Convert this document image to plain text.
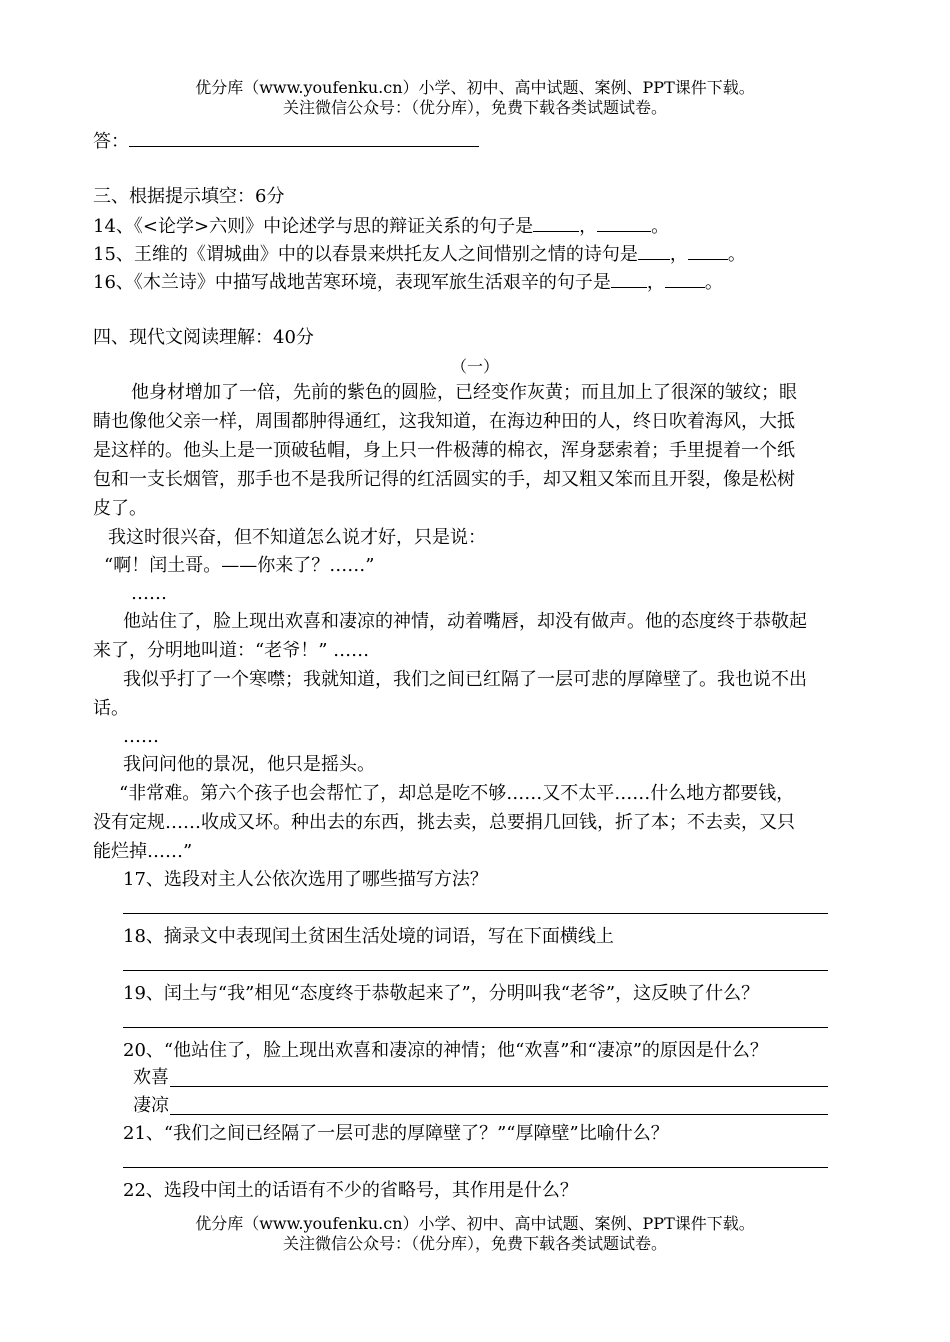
优分库（www.youfenku.cn）小学、初中、高中试题、案例、PPT课件下载。
关注微信公众号：（优分库），免费下载各类试题试卷。
答：
三、根据提示填空：6分
14、《<论学>六则》中论述学与思的辩证关系的句子是	，	。
15、王维的《谓城曲》中的以春景来烘托友人之间惜别之情的诗句是 ， 。
16、《木兰诗》中描写战地苦寒环境，表现军旅生活艰辛的句子是 ， 。
四、现代文阅读理解：40分
（一）
他身材增加了一倍，先前的紫色的圆脸，已经变作灰黄；而且加上了很深的皱纹；眼
睛也像他父亲一样，周围都肿得通红，这我知道，在海边种田的人，终日吹着海风，大抵
是这样的。他头上是一顶破毡帽，身上只一件极薄的棉衣，浑身瑟索着；手里提着一个纸
包和一支长烟管，那手也不是我所记得的红活圆实的手，却又粗又笨而且开裂，像是松树
皮了。
我这时很兴奋，但不知道怎么说才好，只是说：
“啊！闰土哥。——你来了？……”
……
他站住了，脸上现出欢喜和凄凉的神情，动着嘴唇，却没有做声。他的态度终于恭敬起
来了，分明地叫道：“老爷！” ……
我似乎打了一个寒噤；我就知道，我们之间已红隔了一层可悲的厚障壁了。我也说不出
话。
……
我问问他的景况，他只是摇头。
“非常难。第六个孩子也会帮忙了，却总是吃不够……又不太平……什么地方都要钱，
没有定规……收成又坏。种出去的东西，挑去卖，总要捐几回钱，折了本；不去卖，又只
能烂掉……”
17、选段对主人公依次选用了哪些描写方法？
18、摘录文中表现闰土贫困生活处境的词语，写在下面横线上
19、闰土与“我”相见“态度终于恭敬起来了”，分明叫我“老爷”，这反映了什么？
20、“他站住了，脸上现出欢喜和凄凉的神情；他“欢喜”和“凄凉”的原因是什么？
欢喜
凄凉
21、“我们之间已经隔了一层可悲的厚障壁了？”“厚障壁”比喻什么？
22、选段中闰土的话语有不少的省略号，其作用是什么？
优分库（www.youfenku.cn）小学、初中、高中试题、案例、PPT课件下载。
关注微信公众号：（优分库），免费下载各类试题试卷。
